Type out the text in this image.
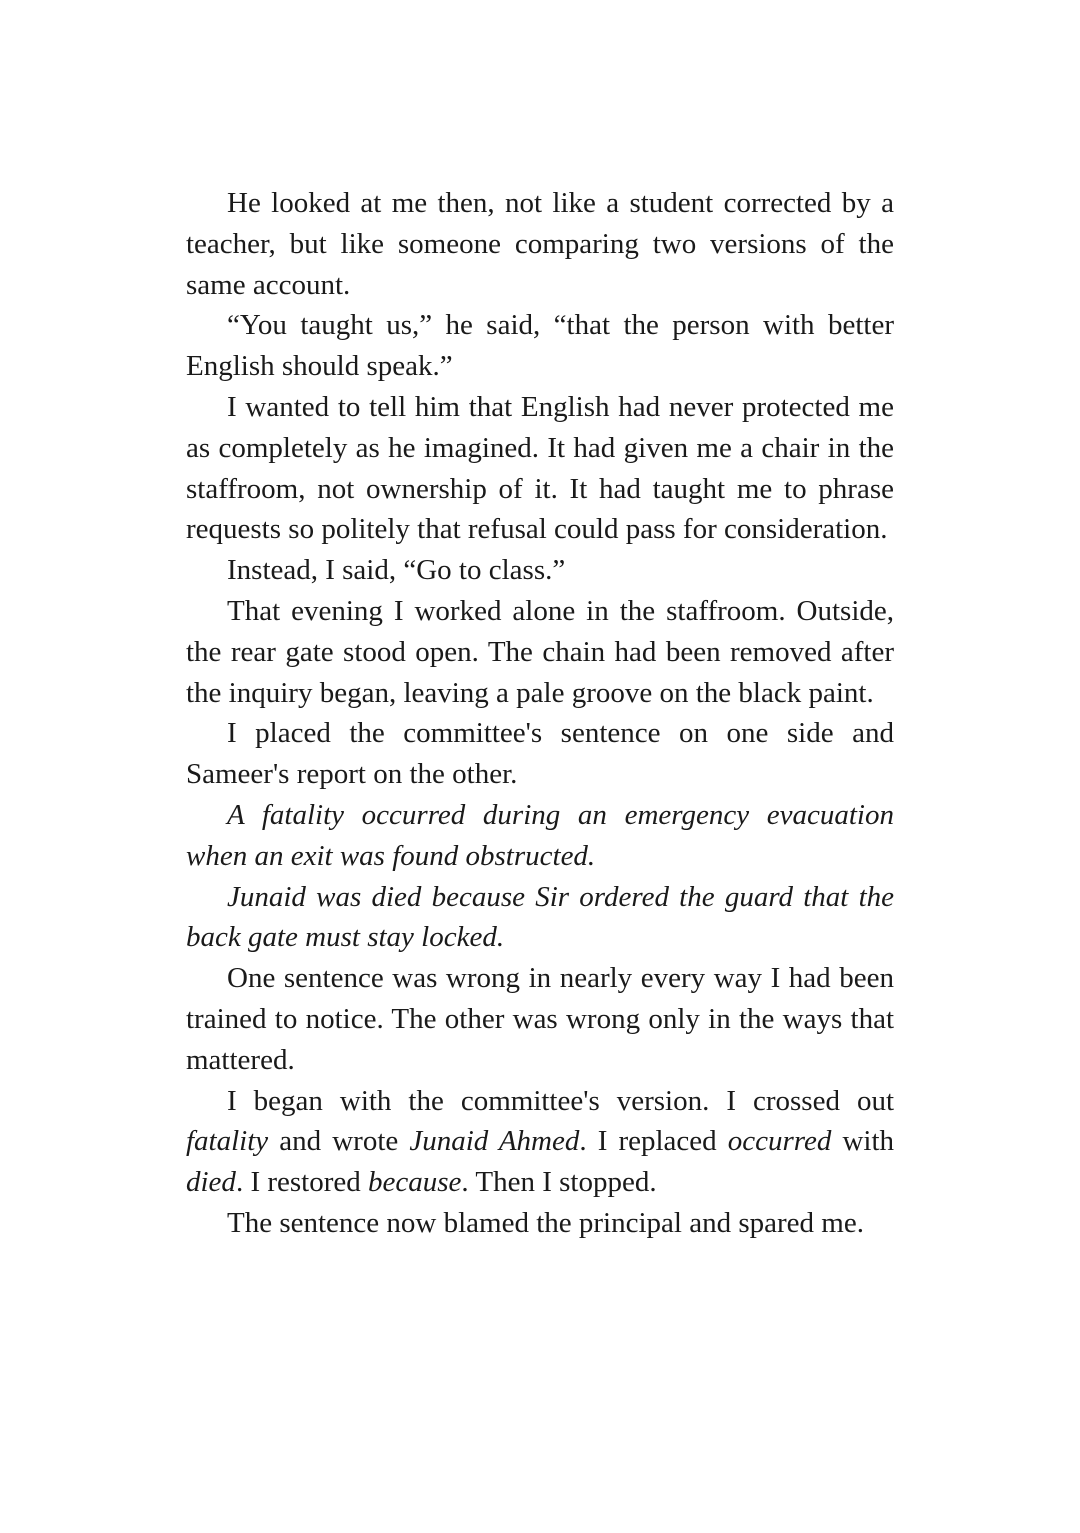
He looked at me then, not like a student corrected by a teacher, but like someone comparing two versions of the same account.

“You taught us,” he said, “that the person with better English should speak.”

I wanted to tell him that English had never protected me as completely as he imagined. It had given me a chair in the staffroom, not ownership of it. It had taught me to phrase requests so politely that refusal could pass for consideration.

Instead, I said, “Go to class.”

That evening I worked alone in the staffroom. Outside, the rear gate stood open. The chain had been removed after the inquiry began, leaving a pale groove on the black paint.

I placed the committee's sentence on one side and Sameer's report on the other.

A fatality occurred during an emergency evacuation when an exit was found obstructed.

Junaid was died because Sir ordered the guard that the back gate must stay locked.

One sentence was wrong in nearly every way I had been trained to notice. The other was wrong only in the ways that mattered.

I began with the committee's version. I crossed out fatality and wrote Junaid Ahmed. I replaced occurred with died. I restored because. Then I stopped.

The sentence now blamed the principal and spared me.
